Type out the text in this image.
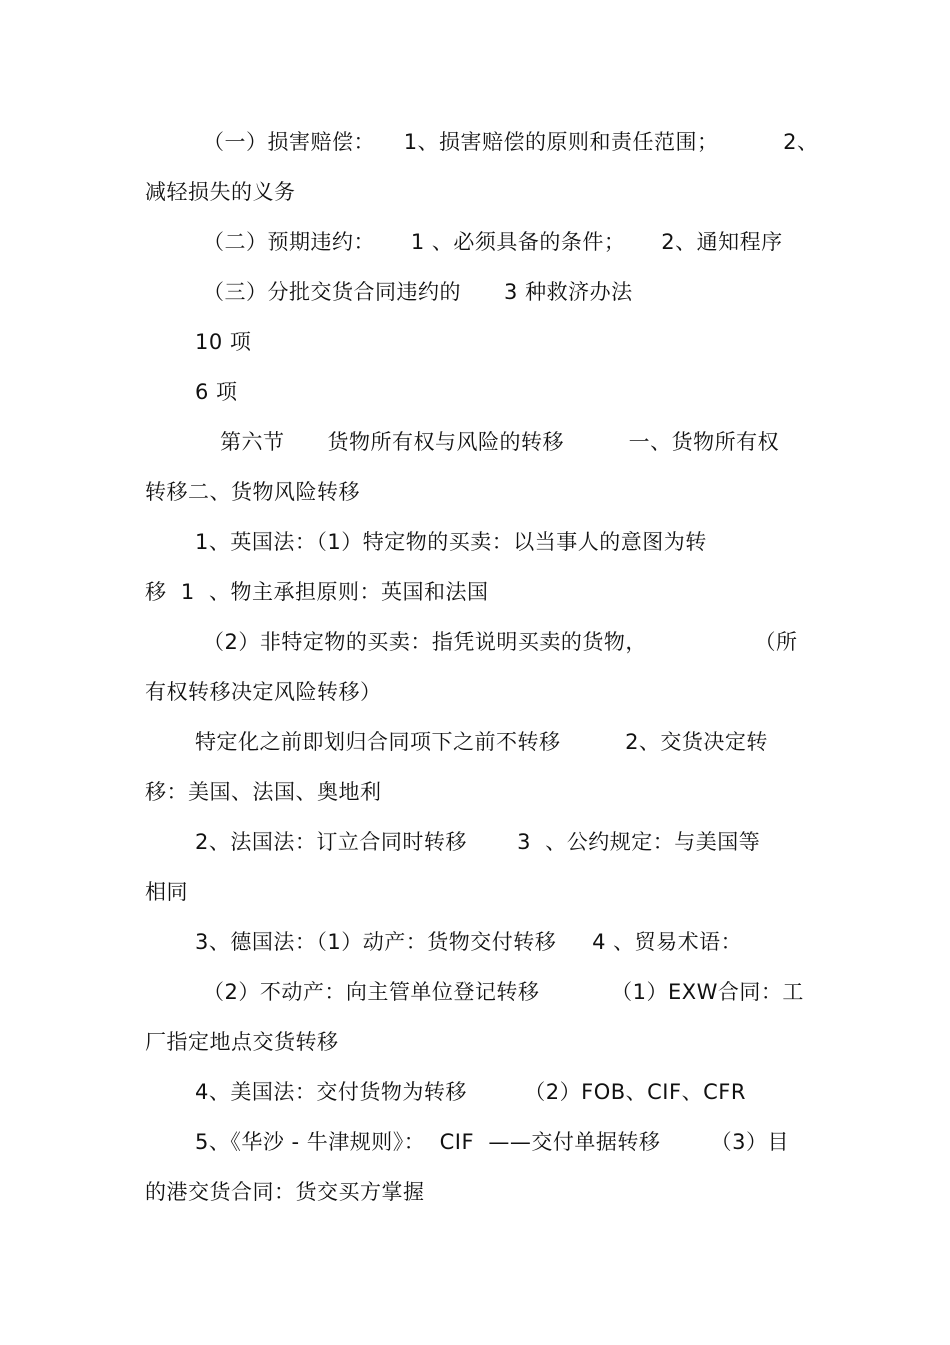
（一）损害赔偿：    1、损害赔偿的原则和责任范围；         2、
减轻损失的义务
（二）预期违约：     1 、必须具备的条件；     2、通知程序
（三）分批交货合同违约的      3 种救济办法
10 项
6 项
第六节      货物所有权与风险的转移         一、货物所有权
转移二、货物风险转移
1、英国法：（1）特定物的买卖：以当事人的意图为转
移  1  、物主承担原则：英国和法国
（2）非特定物的买卖：指凭说明买卖的货物，               （所
有权转移决定风险转移）
特定化之前即划归合同项下之前不转移         2、交货决定转
移：美国、法国、奥地利
2、法国法：订立合同时转移       3  、公约规定：与美国等
相同
3、德国法：（1）动产：货物交付转移     4 、贸易术语：
（2）不动产：向主管单位登记转移          （1）EXW合同：工
厂指定地点交货转移
4、美国法：交付货物为转移        （2）FOB、CIF、CFR
5、《华沙 - 牛津规则》：  CIF  ——交付单据转移       （3）目
的港交货合同：货交买方掌握
